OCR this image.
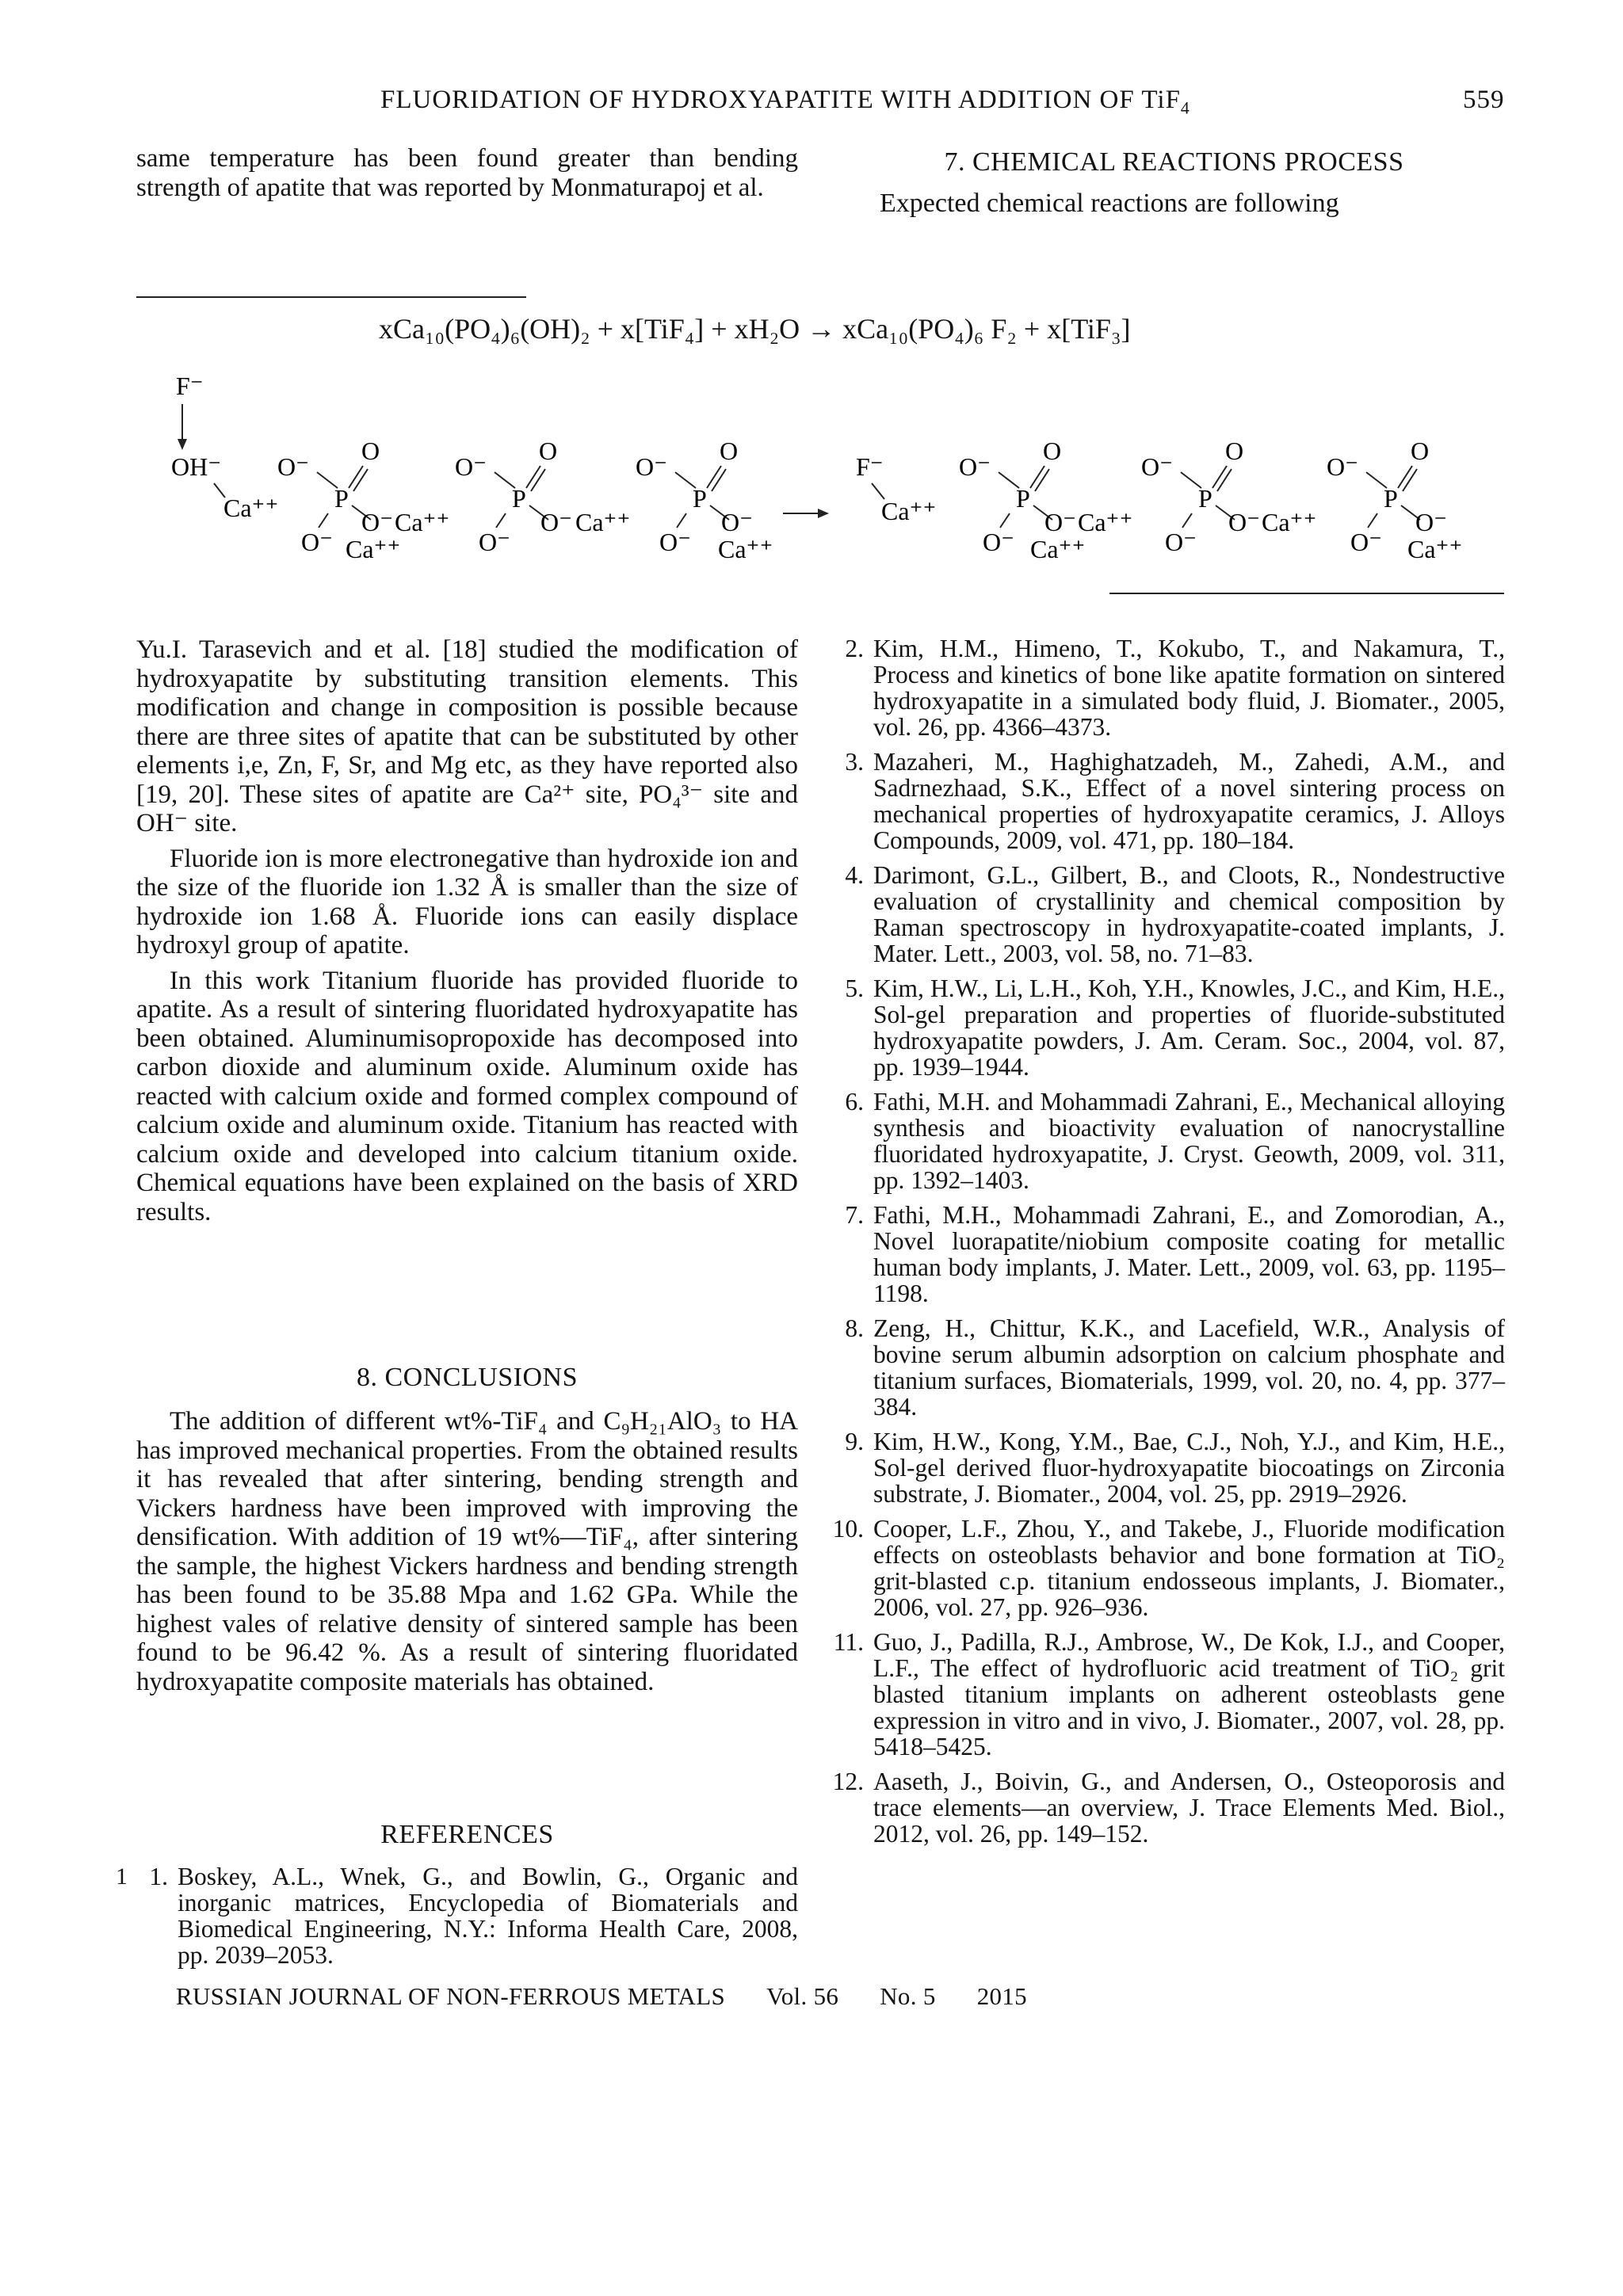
FLUORIDATION OF HYDROXYAPATITE WITH ADDITION OF TiF$_4$	559

same temperature has been found greater than bending strength of apatite that was reported by Monmaturapoj et al.

7. CHEMICAL REACTIONS PROCESS
Expected chemical reactions are following
xCa₁₀(PO₄)₆(OH)₂ + x[TiF₄] + xH₂O → xCa₁₀(PO₄)₆ F₂ + x[TiF₃]
F⁻
OH⁻
Ca⁺⁺
O⁻
O
P
O⁻
O⁻ Ca⁺⁺
Ca⁺⁺
O⁻
O
P
O⁻
O⁻ Ca⁺⁺
O⁻
O
P
O⁻
O⁻
Ca⁺⁺
F⁻
Ca⁺⁺
O⁻
O
P
O⁻
O⁻ Ca⁺⁺
Ca⁺⁺
O⁻
O
P
O⁻
O⁻ Ca⁺⁺
O⁻
O
P
O⁻
O⁻
Ca⁺⁺

Yu.I. Tarasevich and et al. [18] studied the modification of hydroxyapatite by substituting transition elements. This modification and change in composition is possible because there are three sites of apatite that can be substituted by other elements i,e, Zn, F, Sr, and Mg etc, as they have reported also [19, 20]. These sites of apatite are Ca²⁺ site, PO₄³⁻ site and OH⁻ site.

Fluoride ion is more electronegative than hydroxide ion and the size of the fluoride ion 1.32 Å is smaller than the size of hydroxide ion 1.68 Å. Fluoride ions can easily displace hydroxyl group of apatite.

In this work Titanium fluoride has provided fluoride to apatite. As a result of sintering fluoridated hydroxyapatite has been obtained. Aluminumisopropoxide has decomposed into carbon dioxide and aluminum oxide. Aluminum oxide has reacted with calcium oxide and formed complex compound of calcium oxide and aluminum oxide. Titanium has reacted with calcium oxide and developed into calcium titanium oxide. Chemical equations have been explained on the basis of XRD results.

8. CONCLUSIONS

The addition of different wt%-TiF₄ and C₉H₂₁AlO₃ to HA has improved mechanical properties. From the obtained results it has revealed that after sintering, bending strength and Vickers hardness have been improved with improving the densification. With addition of 19 wt%—TiF₄, after sintering the sample, the highest Vickers hardness and bending strength has been found to be 35.88 Mpa and 1.62 GPa. While the highest vales of relative density of sintered sample has been found to be 96.42 %. As a result of sintering fluoridated hydroxyapatite composite materials has obtained.

REFERENCES
1 1. Boskey, A.L., Wnek, G., and Bowlin, G., Organic and inorganic matrices, Encyclopedia of Biomaterials and Biomedical Engineering, N.Y.: Informa Health Care, 2008, pp. 2039–2053.
2. Kim, H.M., Himeno, T., Kokubo, T., and Nakamura, T., Process and kinetics of bone like apatite formation on sintered hydroxyapatite in a simulated body fluid, J. Biomater., 2005, vol. 26, pp. 4366–4373.
3. Mazaheri, M., Haghighatzadeh, M., Zahedi, A.M., and Sadrnezhaad, S.K., Effect of a novel sintering process on mechanical properties of hydroxyapatite ceramics, J. Alloys Compounds, 2009, vol. 471, pp. 180–184.
4. Darimont, G.L., Gilbert, B., and Cloots, R., Nondestructive evaluation of crystallinity and chemical composition by Raman spectroscopy in hydroxyapatite-coated implants, J. Mater. Lett., 2003, vol. 58, no. 71–83.
5. Kim, H.W., Li, L.H., Koh, Y.H., Knowles, J.C., and Kim, H.E., Sol-gel preparation and properties of fluoride-substituted hydroxyapatite powders, J. Am. Ceram. Soc., 2004, vol. 87, pp. 1939–1944.
6. Fathi, M.H. and Mohammadi Zahrani, E., Mechanical alloying synthesis and bioactivity evaluation of nanocrystalline fluoridated hydroxyapatite, J. Cryst. Geowth, 2009, vol. 311, pp. 1392–1403.
7. Fathi, M.H., Mohammadi Zahrani, E., and Zomorodian, A., Novel luorapatite/niobium composite coating for metallic human body implants, J. Mater. Lett., 2009, vol. 63, pp. 1195–1198.
8. Zeng, H., Chittur, K.K., and Lacefield, W.R., Analysis of bovine serum albumin adsorption on calcium phosphate and titanium surfaces, Biomaterials, 1999, vol. 20, no. 4, pp. 377–384.
9. Kim, H.W., Kong, Y.M., Bae, C.J., Noh, Y.J., and Kim, H.E., Sol-gel derived fluor-hydroxyapatite biocoatings on Zirconia substrate, J. Biomater., 2004, vol. 25, pp. 2919–2926.
10. Cooper, L.F., Zhou, Y., and Takebe, J., Fluoride modification effects on osteoblasts behavior and bone formation at TiO₂ grit-blasted c.p. titanium endosseous implants, J. Biomater., 2006, vol. 27, pp. 926–936.
11. Guo, J., Padilla, R.J., Ambrose, W., De Kok, I.J., and Cooper, L.F., The effect of hydrofluoric acid treatment of TiO₂ grit blasted titanium implants on adherent osteoblasts gene expression in vitro and in vivo, J. Biomater., 2007, vol. 28, pp. 5418–5425.
12. Aaseth, J., Boivin, G., and Andersen, O., Osteoporosis and trace elements—an overview, J. Trace Elements Med. Biol., 2012, vol. 26, pp. 149–152.
RUSSIAN JOURNAL OF NON-FERROUS METALS Vol. 56 No. 5 2015
